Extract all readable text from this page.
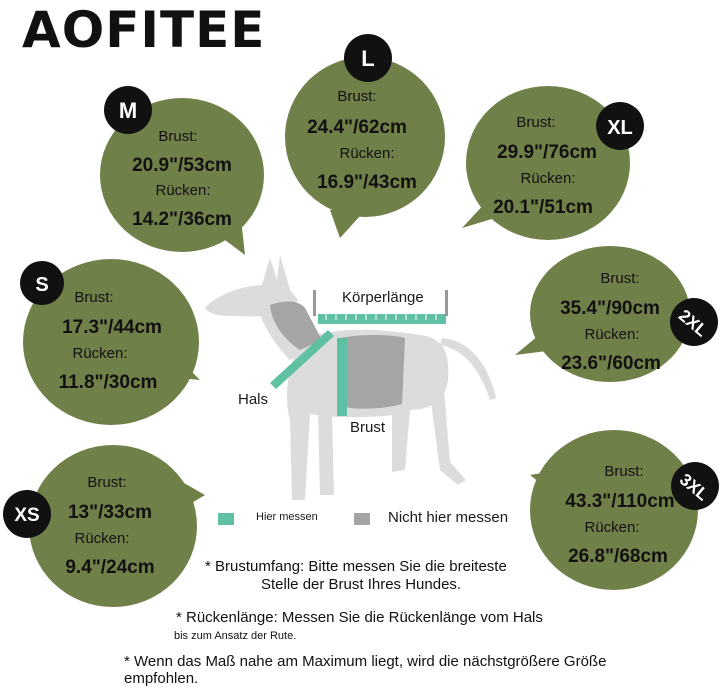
AOFITEE
M
L
XL
S
2XL
XS
3XL
Brust:
20.9"/53cm
Rücken:
14.2"/36cm
Brust:
24.4"/62cm
Rücken:
16.9"/43cm
Brust:
29.9"/76cm
Rücken:
20.1"/51cm
Brust:
17.3"/44cm
Rücken:
11.8"/30cm
Brust:
35.4"/90cm
Rücken:
23.6"/60cm
Brust:
13"/33cm
Rücken:
9.4"/24cm
Brust:
43.3"/110cm
Rücken:
26.8"/68cm
Körperlänge
Hals
Brust
Hier messen	Nicht hier messen
* Brustumfang: Bitte messen Sie die breiteste
Stelle der Brust Ihres Hundes.
* Rückenlänge: Messen Sie die Rückenlänge vom Hals
bis zum Ansatz der Rute.
* Wenn das Maß nahe am Maximum liegt, wird die nächstgrößere Größe
empfohlen.
